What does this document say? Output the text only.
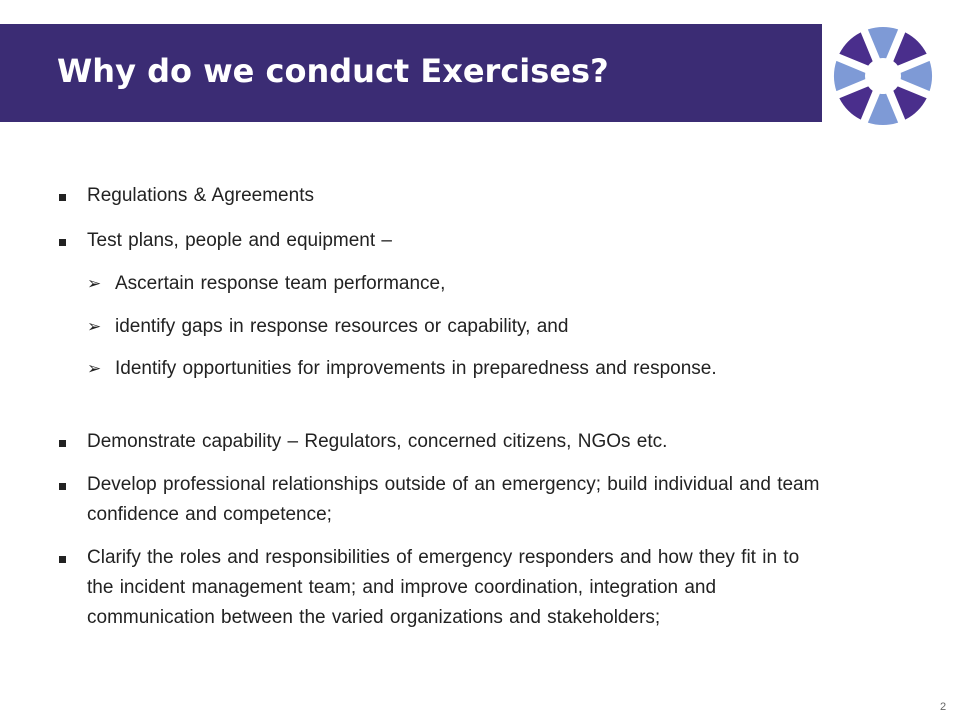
Why do we conduct Exercises?
Regulations & Agreements
Test plans, people and equipment –
➢ Ascertain response team performance,
➢ identify gaps in response resources or capability, and
➢ Identify opportunities for improvements in preparedness and response.
Demonstrate capability – Regulators, concerned citizens, NGOs etc.
Develop professional relationships outside of an emergency; build individual and team confidence and competence;
Clarify the roles and responsibilities of emergency responders and how they fit in to the incident management team; and improve coordination, integration and communication between the varied organizations and stakeholders;
2
